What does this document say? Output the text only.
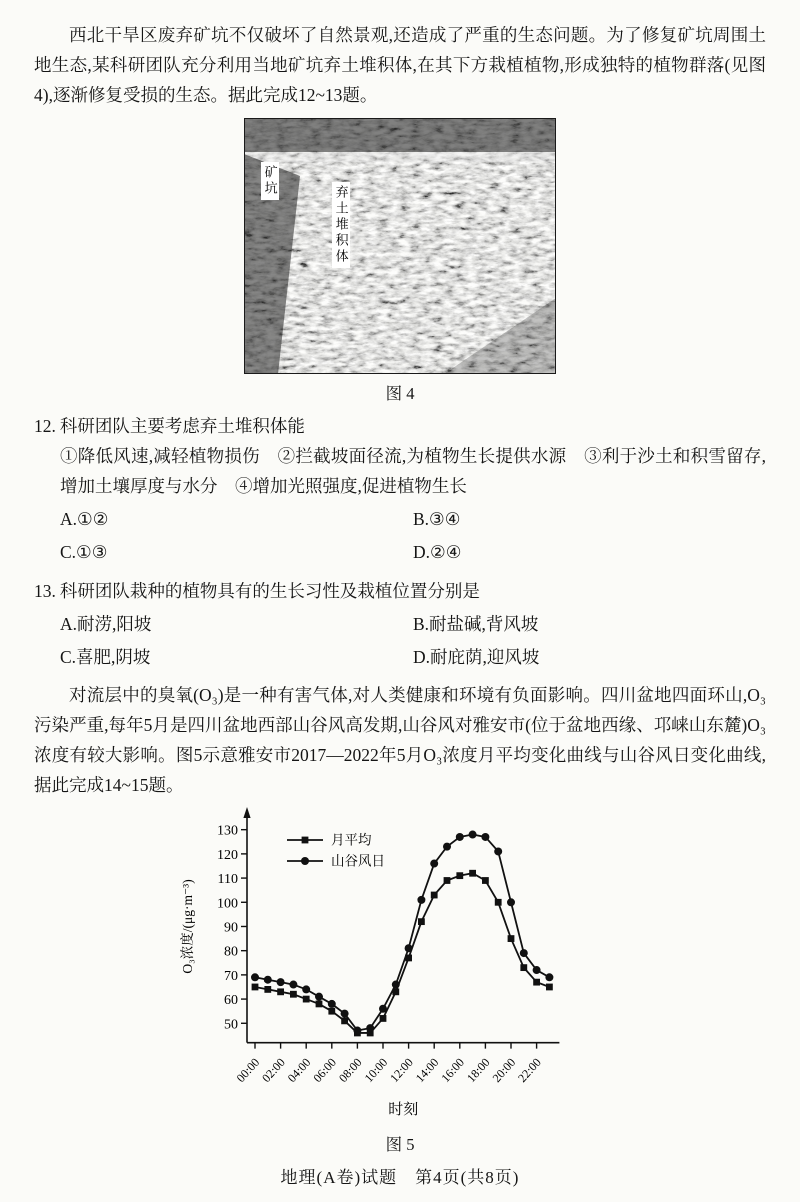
西北干旱区废弃矿坑不仅破坏了自然景观,还造成了严重的生态问题。为了修复矿坑周围土地生态,某科研团队充分利用当地矿坑弃土堆积体,在其下方栽植植物,形成独特的植物群落(见图4),逐渐修复受损的生态。据此完成12~13题。

矿坑
弃土堆积体
图 4
12. 科研团队主要考虑弃土堆积体能
①降低风速,减轻植物损伤　②拦截坡面径流,为植物生长提供水源　③利于沙土和积雪留存,增加土壤厚度与水分　④增加光照强度,促进植物生长
A.①②	B.③④
C.①③	D.②④
13. 科研团队栽种的植物具有的生长习性及栽植位置分别是
A.耐涝,阳坡	B.耐盐碱,背风坡
C.喜肥,阴坡	D.耐庇荫,迎风坡

对流层中的臭氧(O₃)是一种有害气体,对人类健康和环境有负面影响。四川盆地四面环山,O₃污染严重,每年5月是四川盆地西部山谷风高发期,山谷风对雅安市(位于盆地西缘、邛崃山东麓)O₃浓度有较大影响。图5示意雅安市2017—2022年5月O₃浓度月平均变化曲线与山谷风日变化曲线,据此完成14~15题。

50
60
70
80
90
100
110
120
130
O₃浓度/(μg·m⁻³)
00:00
02:00
04:00
06:00
08:00
10:00
12:00
14:00
16:00
18:00
20:00
22:00
时刻
月平均
山谷风日
图 5
地理(A卷)试题　第4页(共8页)
